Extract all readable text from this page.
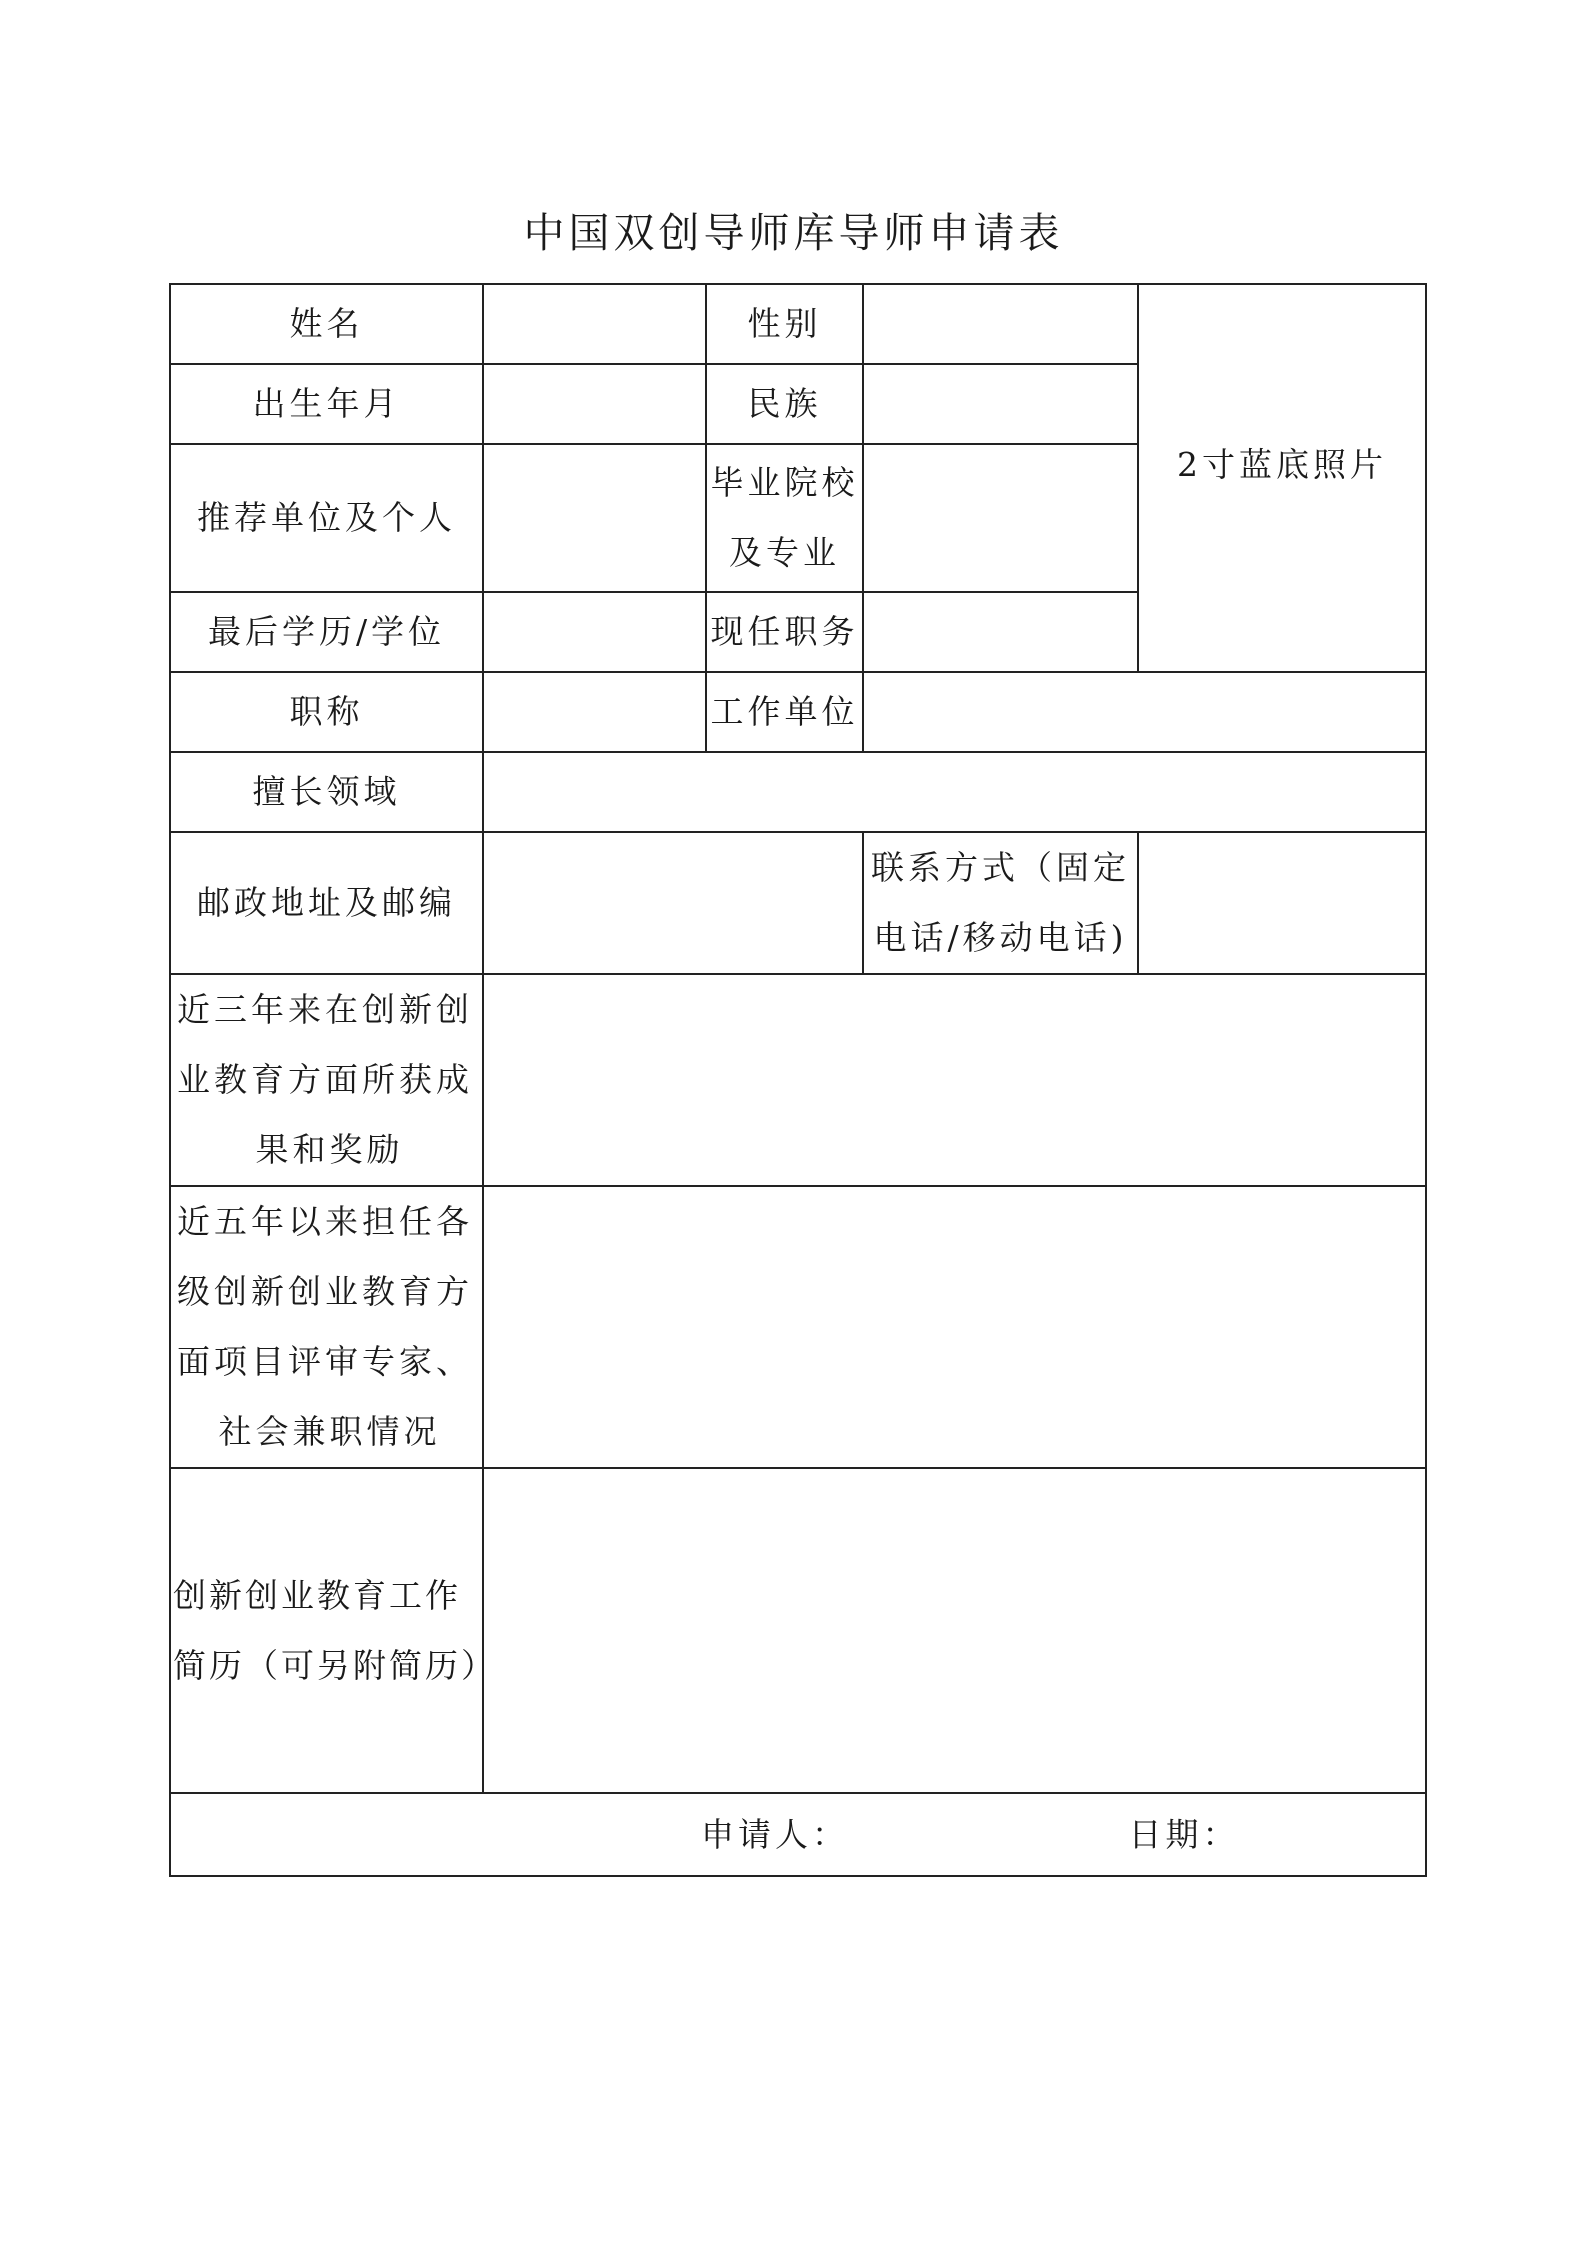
中国双创导师库导师申请表
姓名		性别		2寸蓝底照片
出生年月		民族		
推荐单位及个人		毕业院校
及专业		

最后学历/学位		现任职务		
职称		工作单位		
擅长领域				
邮政地址及邮编			联系方式（固定
电话/移动电话)	

近三年来在创新创
业教育方面所获成
果和奖励				

近五年以来担任各
级创新创业教育方
面项目评审专家、
社会兼职情况				

创新创业教育工作
简历（可另附简历）				

申请人： 日期：				
